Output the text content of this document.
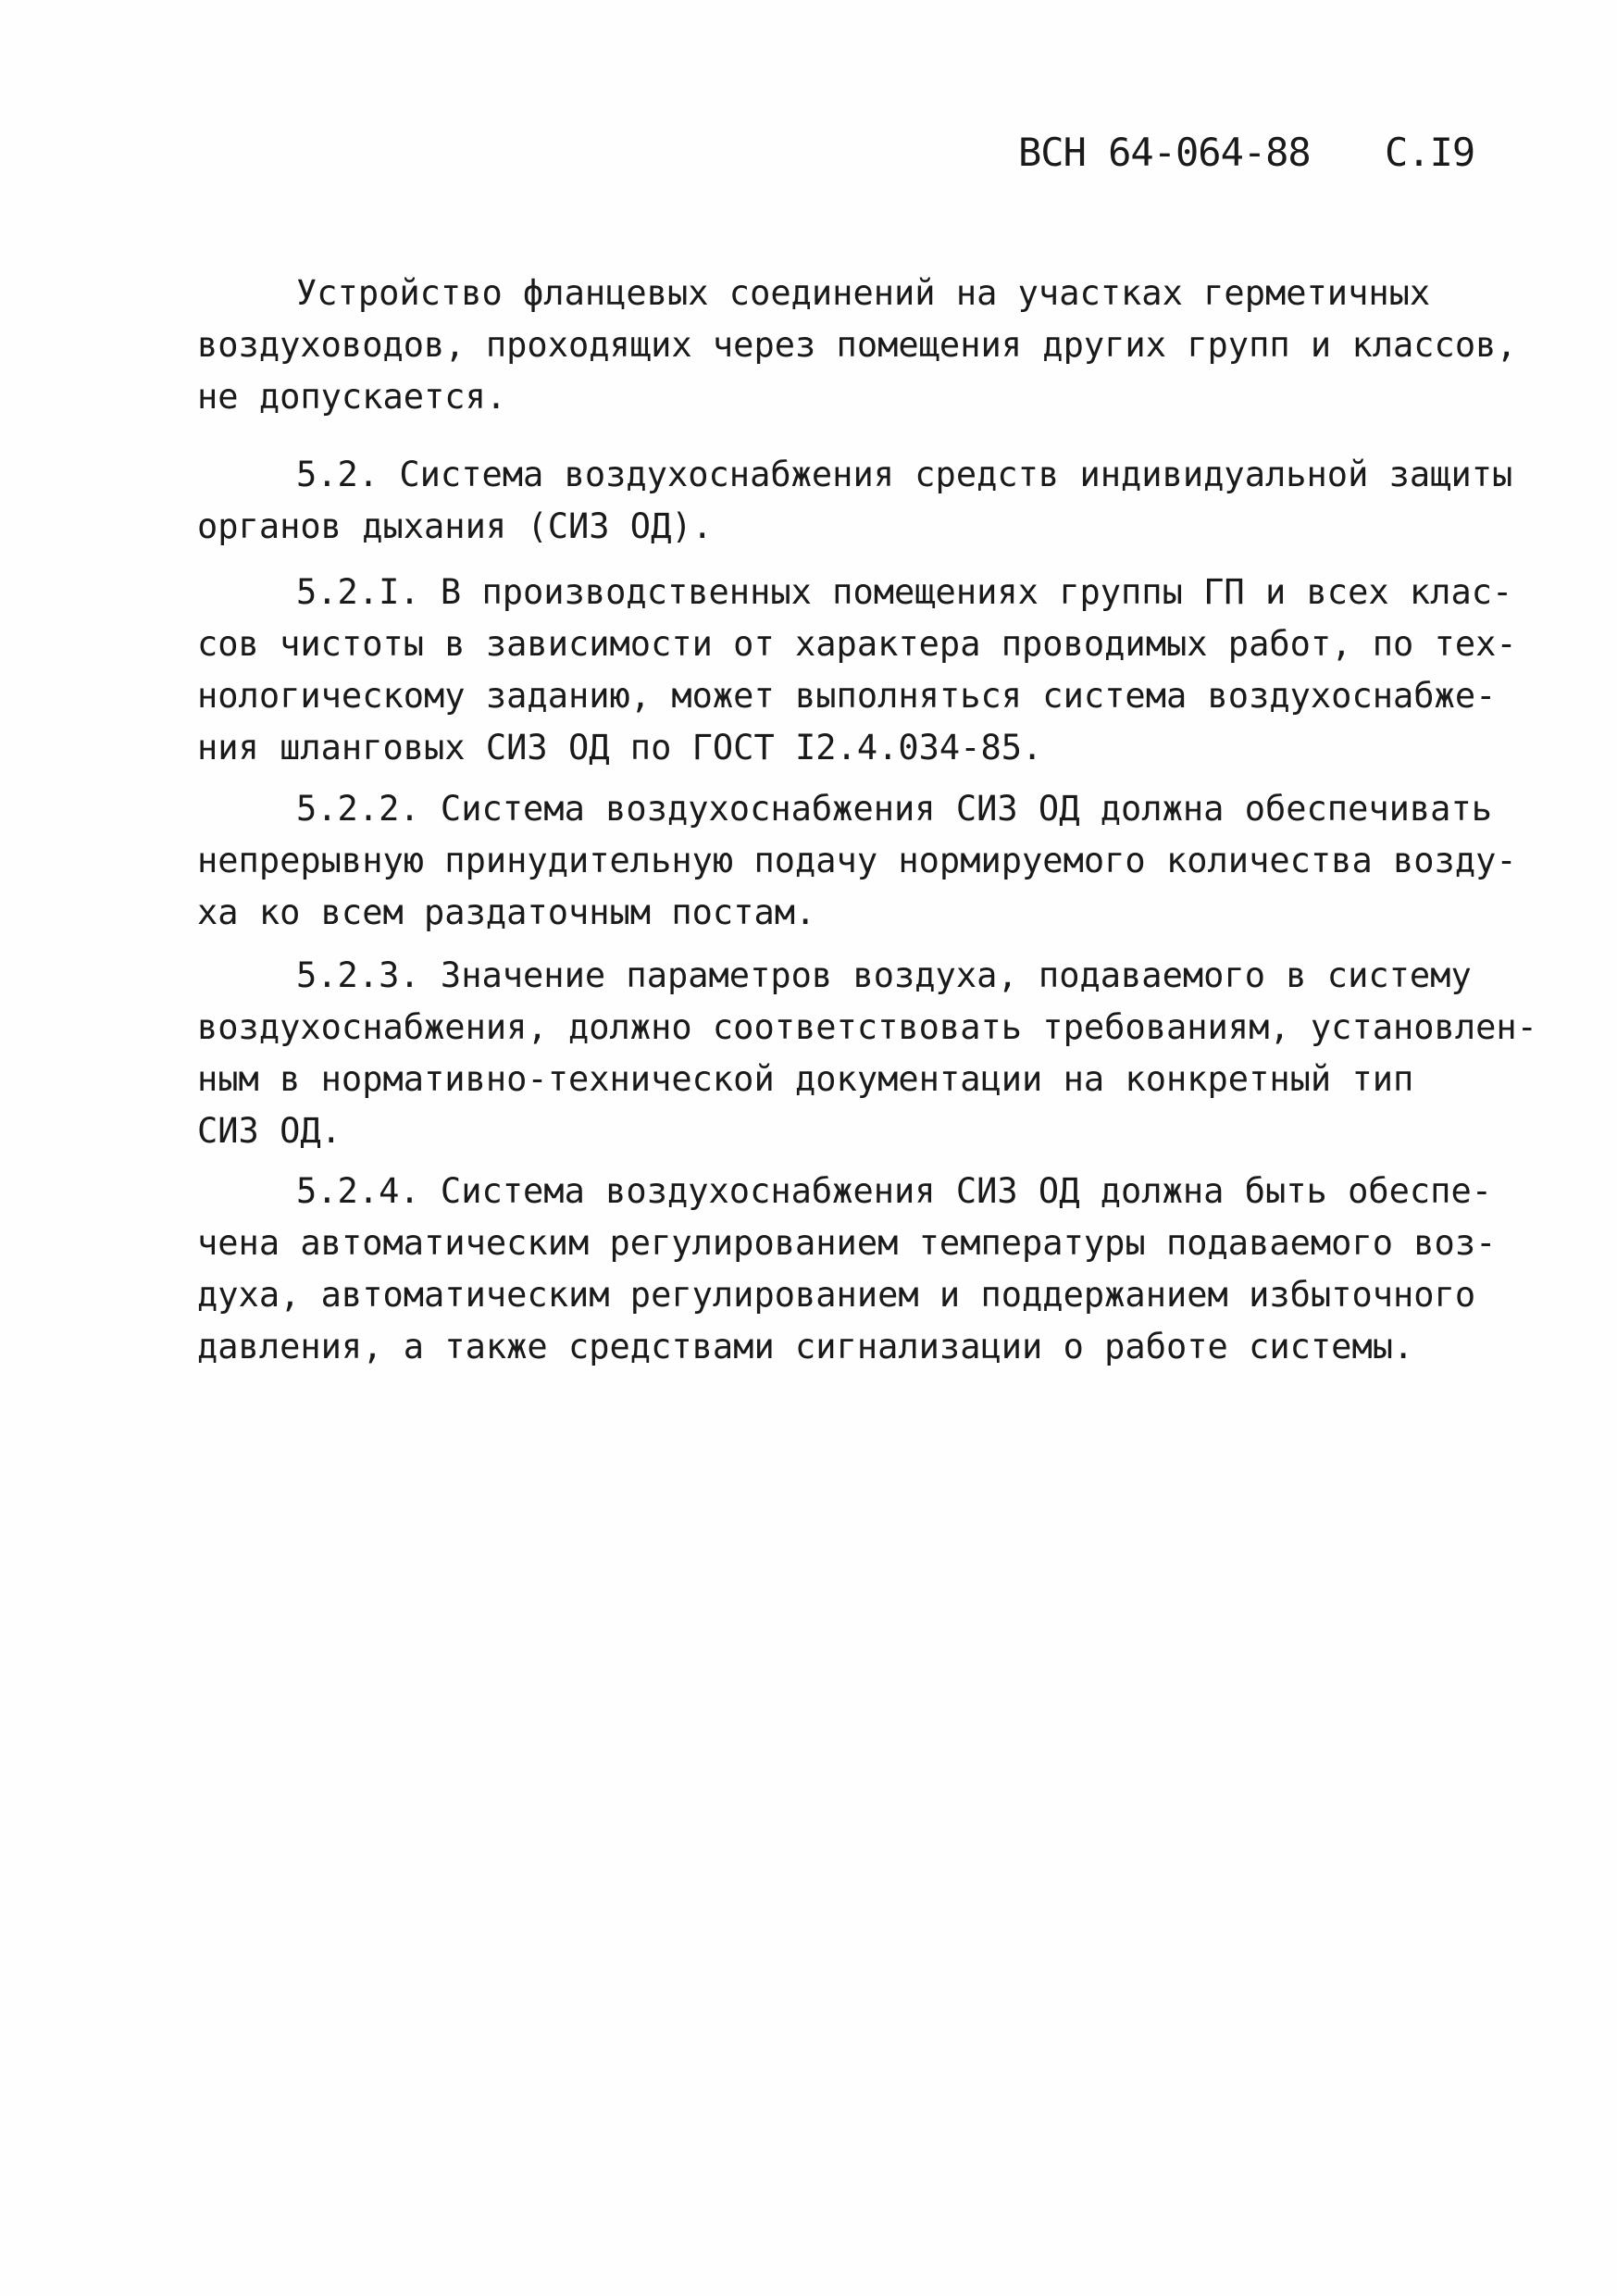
ВСН 64-064-88 С.I9
Устройство фланцевых соединений на участках герметичных
воздуховодов, проходящих через помещения других групп и классов,
не допускается.
5.2. Система воздухоснабжения средств индивидуальной защиты
органов дыхания (СИЗ ОД).
5.2.I. В производственных помещениях группы ГП и всех клас-
сов чистоты в зависимости от характера проводимых работ, по тех-
нологическому заданию, может выполняться система воздухоснабже-
ния шланговых СИЗ ОД по ГОСТ I2.4.034-85.
5.2.2. Система воздухоснабжения СИЗ ОД должна обеспечивать
непрерывную принудительную подачу нормируемого количества возду-
ха ко всем раздаточным постам.
5.2.3. Значение параметров воздуха, подаваемого в систему
воздухоснабжения, должно соответствовать требованиям, установлен-
ным в нормативно-технической документации на конкретный тип
СИЗ ОД.
5.2.4. Система воздухоснабжения СИЗ ОД должна быть обеспе-
чена автоматическим регулированием температуры подаваемого воз-
духа, автоматическим регулированием и поддержанием избыточного
давления, а также средствами сигнализации о работе системы.
